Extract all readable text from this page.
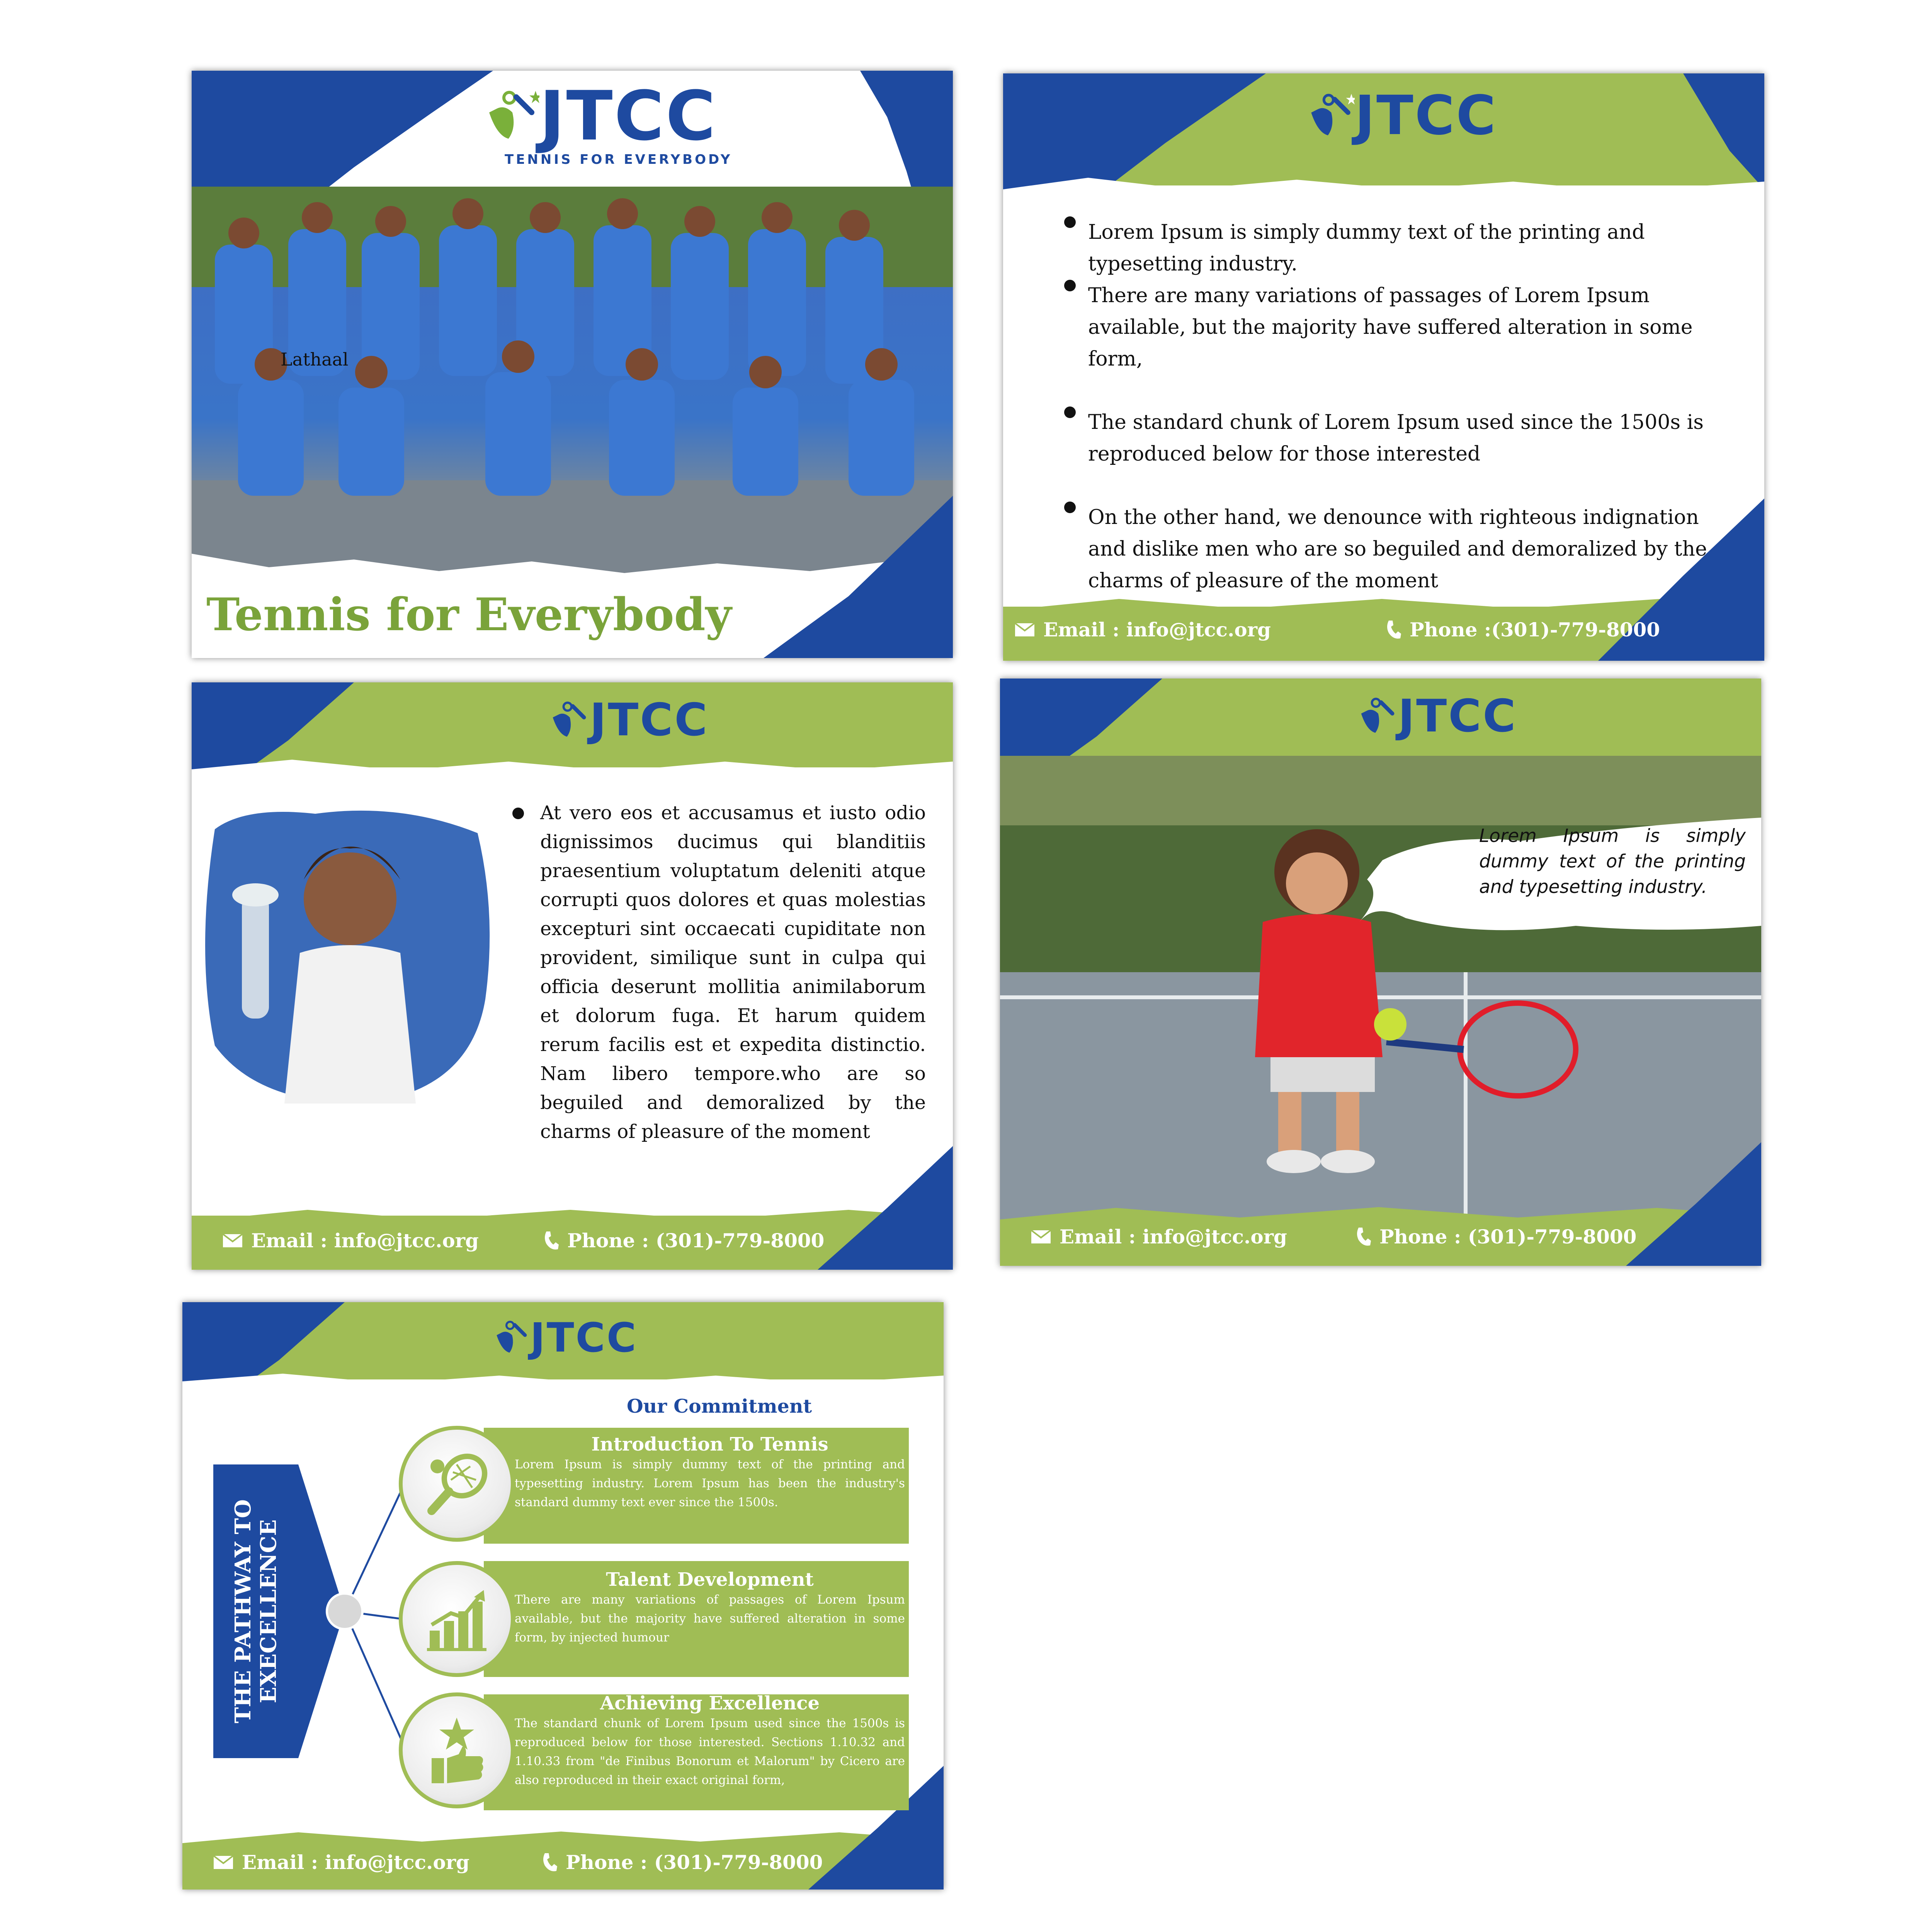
JTCC
TENNIS FOR EVERYBODY
Lathaal
Tennis for Everybody
JTCC
Lorem Ipsum is simply dummy text of the printing and typesetting industry.
There are many variations of passages of Lorem Ipsum available, but the majority have suffered alteration in some form,
The standard chunk of Lorem Ipsum used since the 1500s is reproduced below for those interested
On the other hand, we denounce with righteous indignation and dislike men who are so beguiled and demoralized by the charms of pleasure of the moment
Email : info@jtcc.org	Phone :(301)-779-8000
JTCC
At vero eos et accusamus et iusto odio dignissimos ducimus qui blanditiis praesentium voluptatum deleniti atque corrupti quos dolores et quas molestias excepturi sint occaecati cupiditate non provident, similique sunt in culpa qui officia deserunt mollitia animilaborum et dolorum fuga. Et harum quidem rerum facilis est et expedita distinctio. Nam libero tempore.who are so beguiled and demoralized by the charms of pleasure of the moment
Email : info@jtcc.org	Phone : (301)-779-8000
JTCC
Lorem Ipsum is simply dummy text of the printing and typesetting industry.
Email : info@jtcc.org	Phone : (301)-779-8000
JTCC
Our Commitment
THE PATHWAY TO EXECELLENCE
Introduction To Tennis
Lorem Ipsum is simply dummy text of the printing and typesetting industry. Lorem Ipsum has been the industry's standard dummy text ever since the 1500s.
Talent Development
There are many variations of passages of Lorem Ipsum available, but the majority have suffered alteration in some form, by injected humour
Achieving Excellence
The standard chunk of Lorem Ipsum used since the 1500s is reproduced below for those interested. Sections 1.10.32 and 1.10.33 from "de Finibus Bonorum et Malorum" by Cicero are also reproduced in their exact original form,
Email : info@jtcc.org	Phone : (301)-779-8000
